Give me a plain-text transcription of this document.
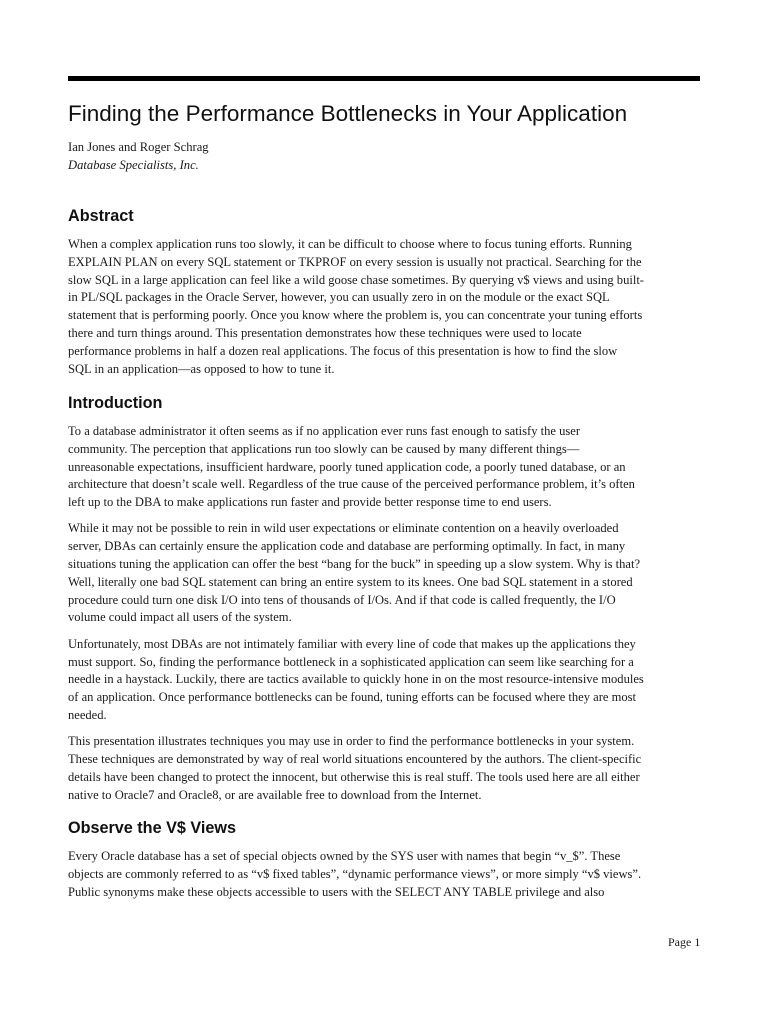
Finding the Performance Bottlenecks in Your Application
Ian Jones and Roger Schrag
Database Specialists, Inc.
Abstract

When a complex application runs too slowly, it can be difficult to choose where to focus tuning efforts. Running
EXPLAIN PLAN on every SQL statement or TKPROF on every session is usually not practical. Searching for the
slow SQL in a large application can feel like a wild goose chase sometimes. By querying v$ views and using built-
in PL/SQL packages in the Oracle Server, however, you can usually zero in on the module or the exact SQL
statement that is performing poorly. Once you know where the problem is, you can concentrate your tuning efforts
there and turn things around. This presentation demonstrates how these techniques were used to locate
performance problems in half a dozen real applications. The focus of this presentation is how to find the slow
SQL in an application—as opposed to how to tune it.

Introduction

To a database administrator it often seems as if no application ever runs fast enough to satisfy the user
community. The perception that applications run too slowly can be caused by many different things—
unreasonable expectations, insufficient hardware, poorly tuned application code, a poorly tuned database, or an
architecture that doesn’t scale well. Regardless of the true cause of the perceived performance problem, it’s often
left up to the DBA to make applications run faster and provide better response time to end users.

While it may not be possible to rein in wild user expectations or eliminate contention on a heavily overloaded
server, DBAs can certainly ensure the application code and database are performing optimally. In fact, in many
situations tuning the application can offer the best “bang for the buck” in speeding up a slow system. Why is that?
Well, literally one bad SQL statement can bring an entire system to its knees. One bad SQL statement in a stored
procedure could turn one disk I/O into tens of thousands of I/Os. And if that code is called frequently, the I/O
volume could impact all users of the system.

Unfortunately, most DBAs are not intimately familiar with every line of code that makes up the applications they
must support. So, finding the performance bottleneck in a sophisticated application can seem like searching for a
needle in a haystack. Luckily, there are tactics available to quickly hone in on the most resource-intensive modules
of an application. Once performance bottlenecks can be found, tuning efforts can be focused where they are most
needed.

This presentation illustrates techniques you may use in order to find the performance bottlenecks in your system.
These techniques are demonstrated by way of real world situations encountered by the authors. The client-specific
details have been changed to protect the innocent, but otherwise this is real stuff. The tools used here are all either
native to Oracle7 and Oracle8, or are available free to download from the Internet.

Observe the V$ Views

Every Oracle database has a set of special objects owned by the SYS user with names that begin “v_$”. These
objects are commonly referred to as “v$ fixed tables”, “dynamic performance views”, or more simply “v$ views”.
Public synonyms make these objects accessible to users with the SELECT ANY TABLE privilege and also

Page 1
